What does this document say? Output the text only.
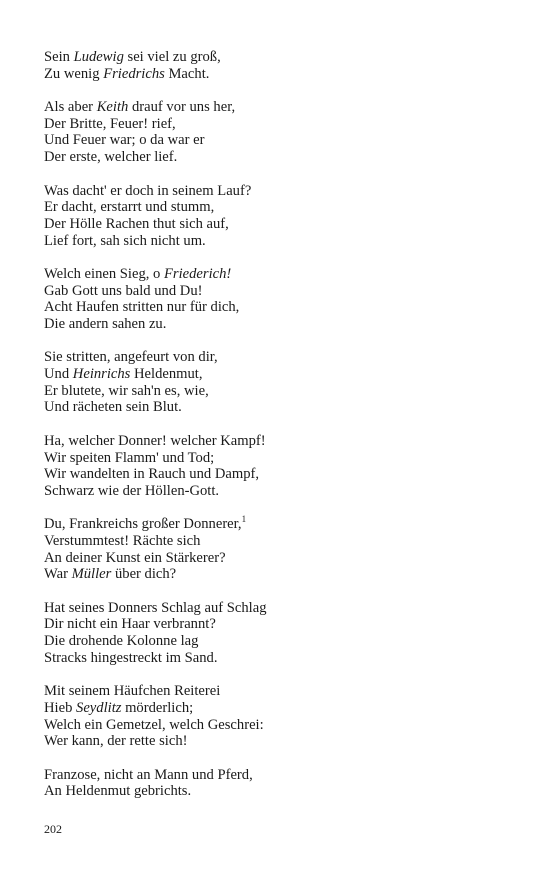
Sein Ludewig sei viel zu groß,
Zu wenig Friedrichs Macht.
Als aber Keith drauf vor uns her,
Der Britte, Feuer! rief,
Und Feuer war; o da war er
Der erste, welcher lief.
Was dacht' er doch in seinem Lauf?
Er dacht, erstarrt und stumm,
Der Hölle Rachen thut sich auf,
Lief fort, sah sich nicht um.
Welch einen Sieg, o Friederich!
Gab Gott uns bald und Du!
Acht Haufen stritten nur für dich,
Die andern sahen zu.
Sie stritten, angefeurt von dir,
Und Heinrichs Heldenmut,
Er blutete, wir sah'n es, wie,
Und rächeten sein Blut.
Ha, welcher Donner! welcher Kampf!
Wir speiten Flamm' und Tod;
Wir wandelten in Rauch und Dampf,
Schwarz wie der Höllen-Gott.
Du, Frankreichs großer Donnerer,$^1$
Verstummtest! Rächte sich
An deiner Kunst ein Stärkerer?
War Müller über dich?
Hat seines Donners Schlag auf Schlag
Dir nicht ein Haar verbrannt?
Die drohende Kolonne lag
Stracks hingestreckt im Sand.
Mit seinem Häufchen Reiterei
Hieb Seydlitz mörderlich;
Welch ein Gemetzel, welch Geschrei:
Wer kann, der rette sich!
Franzose, nicht an Mann und Pferd,
An Heldenmut gebrichts.
202
